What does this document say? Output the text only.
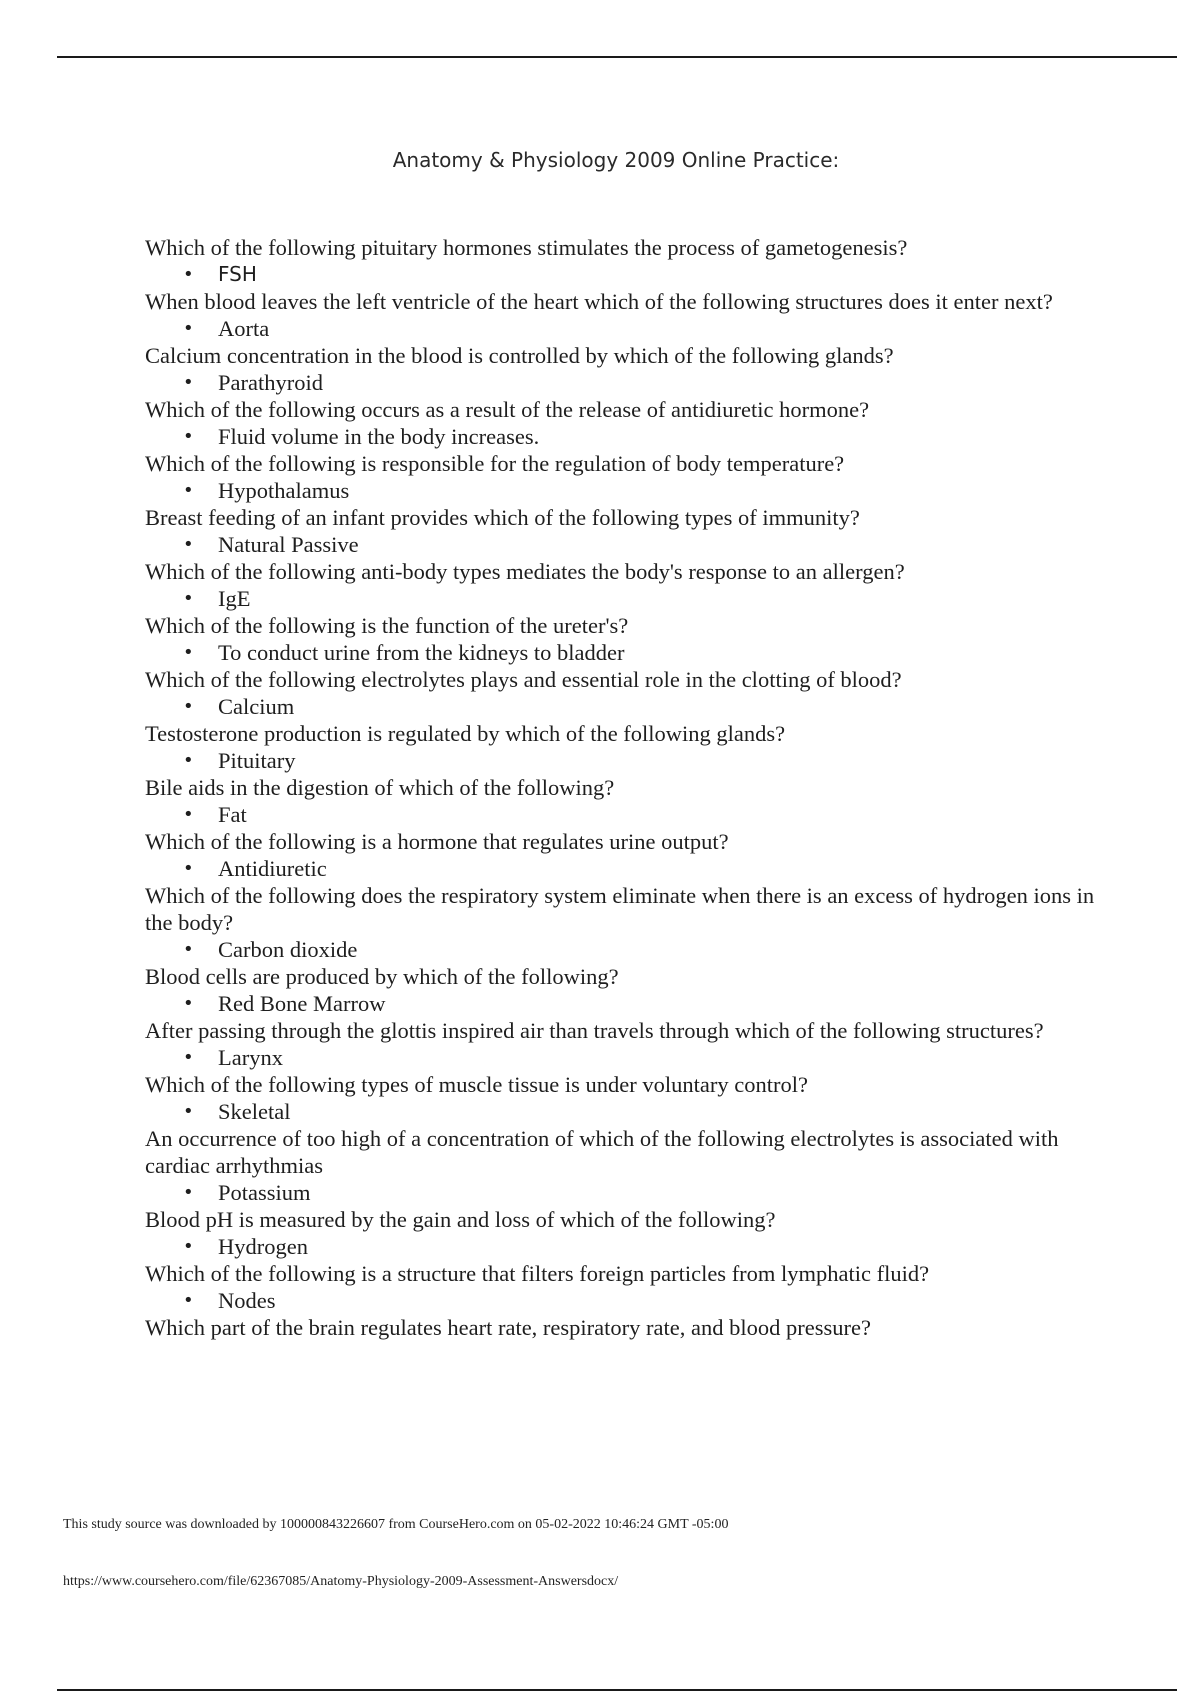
Anatomy & Physiology 2009 Online Practice:

Which of the following pituitary hormones stimulates the process of gametogenesis?

• FSH

When blood leaves the left ventricle of the heart which of the following structures does it enter next?

• Aorta

Calcium concentration in the blood is controlled by which of the following glands?

• Parathyroid

Which of the following occurs as a result of the release of antidiuretic hormone?

• Fluid volume in the body increases.

Which of the following is responsible for the regulation of body temperature?

• Hypothalamus

Breast feeding of an infant provides which of the following types of immunity?

• Natural Passive

Which of the following anti-body types mediates the body's response to an allergen?

• IgE

Which of the following is the function of the ureter's?

• To conduct urine from the kidneys to bladder

Which of the following electrolytes plays and essential role in the clotting of blood?

• Calcium

Testosterone production is regulated by which of the following glands?

• Pituitary

Bile aids in the digestion of which of the following?

• Fat

Which of the following is a hormone that regulates urine output?

• Antidiuretic

Which of the following does the respiratory system eliminate when there is an excess of hydrogen ions in the body?

• Carbon dioxide

Blood cells are produced by which of the following?

• Red Bone Marrow

After passing through the glottis inspired air than travels through which of the following structures?

• Larynx

Which of the following types of muscle tissue is under voluntary control?

• Skeletal

An occurrence of too high of a concentration of which of the following electrolytes is associated with cardiac arrhythmias

• Potassium

Blood pH is measured by the gain and loss of which of the following?

• Hydrogen

Which of the following is a structure that filters foreign particles from lymphatic fluid?

• Nodes

Which part of the brain regulates heart rate, respiratory rate, and blood pressure?

This study source was downloaded by 100000843226607 from CourseHero.com on 05-02-2022 10:46:24 GMT -05:00
https://www.coursehero.com/file/62367085/Anatomy-Physiology-2009-Assessment-Answersdocx/
